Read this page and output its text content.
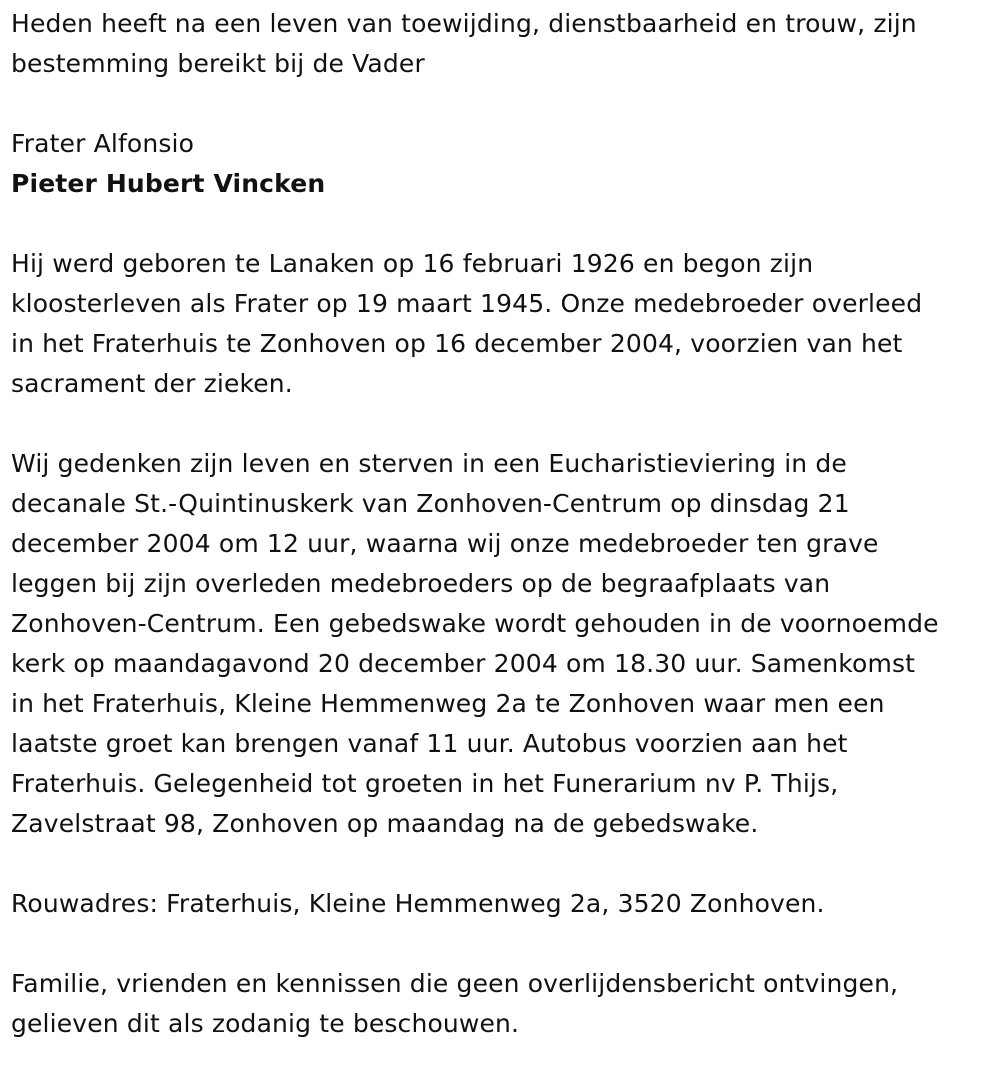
Heden heeft na een leven van toewijding, dienstbaarheid en trouw, zijn
bestemming bereikt bij de Vader

Frater Alfonsio

Pieter Hubert Vincken

Hij werd geboren te Lanaken op 16 februari 1926 en begon zijn
kloosterleven als Frater op 19 maart 1945. Onze medebroeder overleed
in het Fraterhuis te Zonhoven op 16 december 2004, voorzien van het
sacrament der zieken.

Wij gedenken zijn leven en sterven in een Eucharistieviering in de
decanale St.-Quintinuskerk van Zonhoven-Centrum op dinsdag 21
december 2004 om 12 uur, waarna wij onze medebroeder ten grave
leggen bij zijn overleden medebroeders op de begraafplaats van
Zonhoven-Centrum. Een gebedswake wordt gehouden in de voornoemde
kerk op maandagavond 20 december 2004 om 18.30 uur. Samenkomst
in het Fraterhuis, Kleine Hemmenweg 2a te Zonhoven waar men een
laatste groet kan brengen vanaf 11 uur. Autobus voorzien aan het
Fraterhuis. Gelegenheid tot groeten in het Funerarium nv P. Thijs,
Zavelstraat 98, Zonhoven op maandag na de gebedswake.

Rouwadres: Fraterhuis, Kleine Hemmenweg 2a, 3520 Zonhoven.

Familie, vrienden en kennissen die geen overlijdensbericht ontvingen,
gelieven dit als zodanig te beschouwen.
